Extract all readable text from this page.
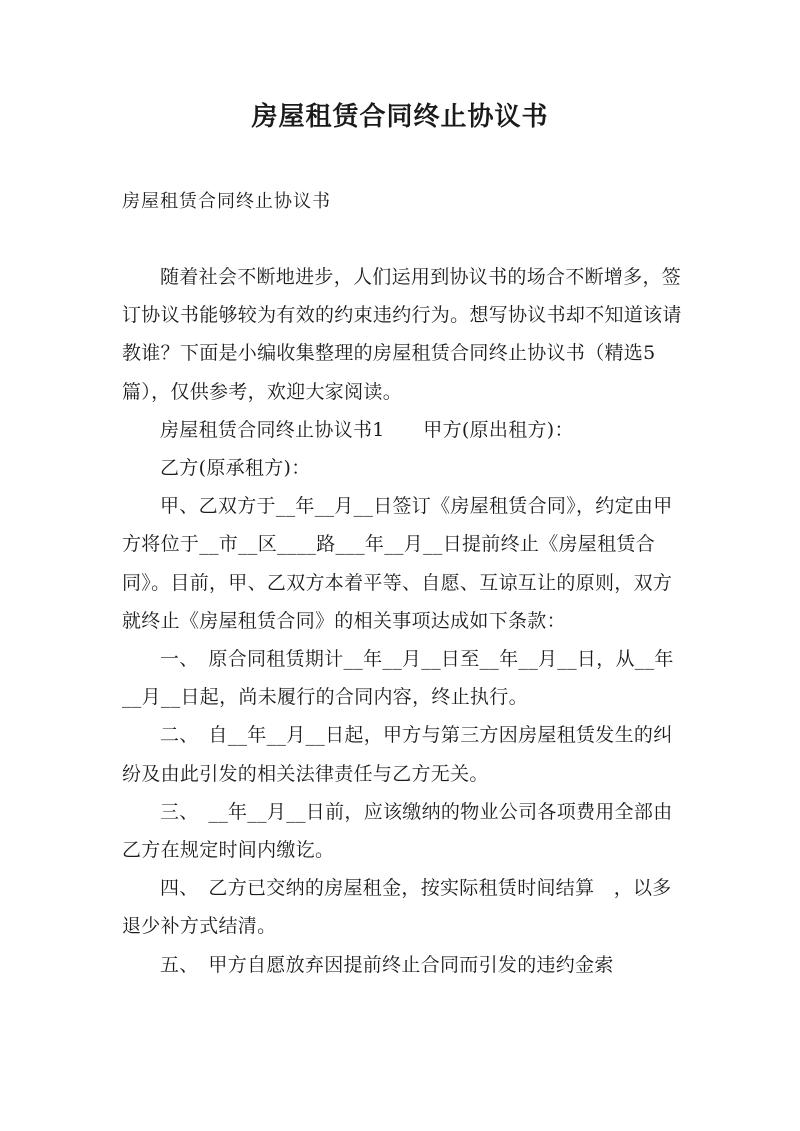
房屋租赁合同终止协议书
房屋租赁合同终止协议书

随着社会不断地进步，人们运用到协议书的场合不断增多，签订协议书能够较为有效的约束违约行为。想写协议书却不知道该请教谁？下面是小编收集整理的房屋租赁合同终止协议书（精选5篇），仅供参考，欢迎大家阅读。

房屋租赁合同终止协议书1　　甲方(原出租方)：

乙方(原承租方)：

甲、乙双方于__年__月__日签订《房屋租赁合同》，约定由甲方将位于__市__区____路___年__月__日提前终止《房屋租赁合同》。目前，甲、乙双方本着平等、自愿、互谅互让的原则，双方就终止《房屋租赁合同》的相关事项达成如下条款：

一、　原合同租赁期计__年__月__日至__年__月__日，从__年__月__日起，尚未履行的合同内容，终止执行。

二、　自__年__月__日起，甲方与第三方因房屋租赁发生的纠纷及由此引发的相关法律责任与乙方无关。

三、　__年__月__日前，应该缴纳的物业公司各项费用全部由乙方在规定时间内缴讫。

四、　乙方已交纳的房屋租金，按实际租赁时间结算　，以多退少补方式结清。

五、　甲方自愿放弃因提前终止合同而引发的违约金索
